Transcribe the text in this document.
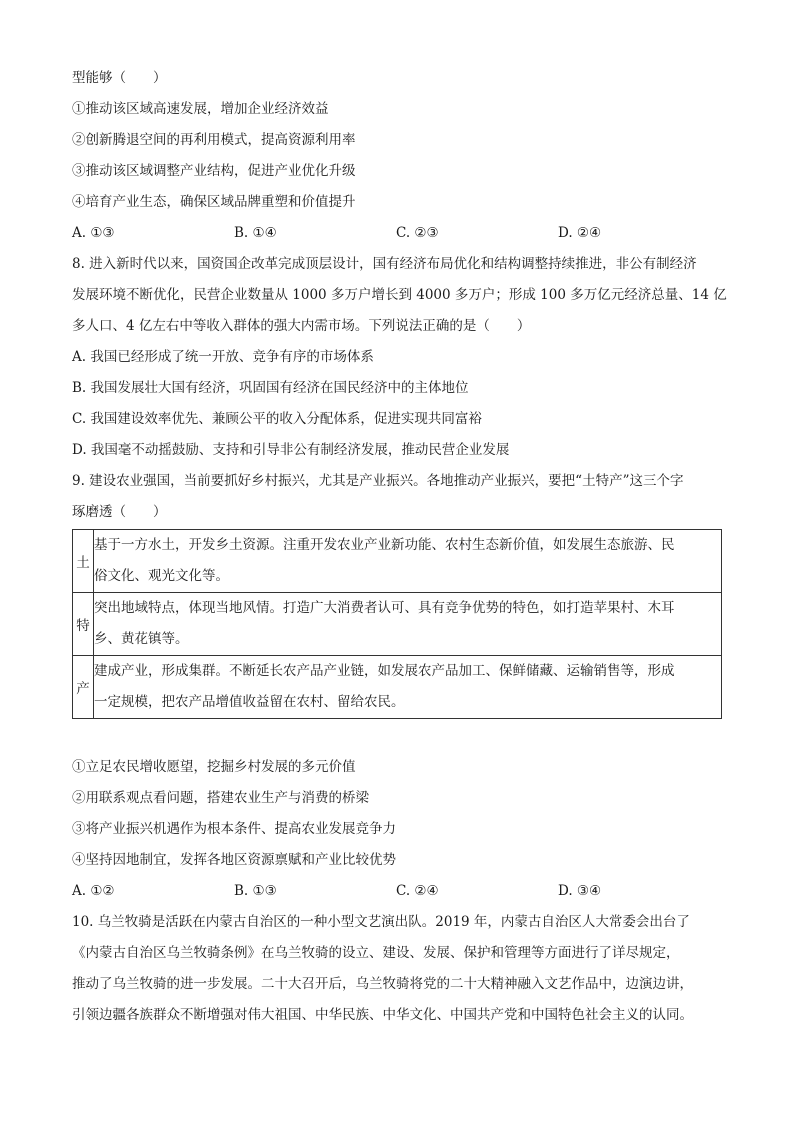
型能够（　　）
①推动该区域高速发展，增加企业经济效益
②创新腾退空间的再利用模式，提高资源利用率
③推动该区域调整产业结构，促进产业优化升级
④培育产业生态，确保区域品牌重塑和价值提升
A. ①③	B. ①④	C. ②③	D. ②④
8. 进入新时代以来，国资国企改革完成顶层设计，国有经济布局优化和结构调整持续推进，非公有制经济
发展环境不断优化，民营企业数量从 1000 多万户增长到 4000 多万户；形成 100 多万亿元经济总量、14 亿
多人口、4 亿左右中等收入群体的强大内需市场。下列说法正确的是（　　）
A. 我国已经形成了统一开放、竞争有序的市场体系
B. 我国发展壮大国有经济，巩固国有经济在国民经济中的主体地位
C. 我国建设效率优先、兼顾公平的收入分配体系，促进实现共同富裕
D. 我国毫不动摇鼓励、支持和引导非公有制经济发展，推动民营企业发展
9. 建设农业强国，当前要抓好乡村振兴，尤其是产业振兴。各地推动产业振兴，要把“土特产”这三个字
琢磨透（　　）
土	基于一方水土，开发乡土资源。注重开发农业产业新功能、农村生态新价值，如发展生态旅游、民
俗文化、观光文化等。

特	突出地域特点，体现当地风情。打造广大消费者认可、具有竞争优势的特色，如打造苹果村、木耳
乡、黄花镇等。

产	建成产业，形成集群。不断延长农产品产业链，如发展农产品加工、保鲜储藏、运输销售等，形成
一定规模，把农产品增值收益留在农村、留给农民。
①立足农民增收愿望，挖掘乡村发展的多元价值
②用联系观点看问题，搭建农业生产与消费的桥梁
③将产业振兴机遇作为根本条件、提高农业发展竞争力
④坚持因地制宜，发挥各地区资源禀赋和产业比较优势
A. ①②	B. ①③	C. ②④	D. ③④
10. 乌兰牧骑是活跃在内蒙古自治区的一种小型文艺演出队。2019 年，内蒙古自治区人大常委会出台了
《内蒙古自治区乌兰牧骑条例》在乌兰牧骑的设立、建设、发展、保护和管理等方面进行了详尽规定，
推动了乌兰牧骑的进一步发展。二十大召开后，乌兰牧骑将党的二十大精神融入文艺作品中，边演边讲，
引领边疆各族群众不断增强对伟大祖国、中华民族、中华文化、中国共产党和中国特色社会主义的认同。
